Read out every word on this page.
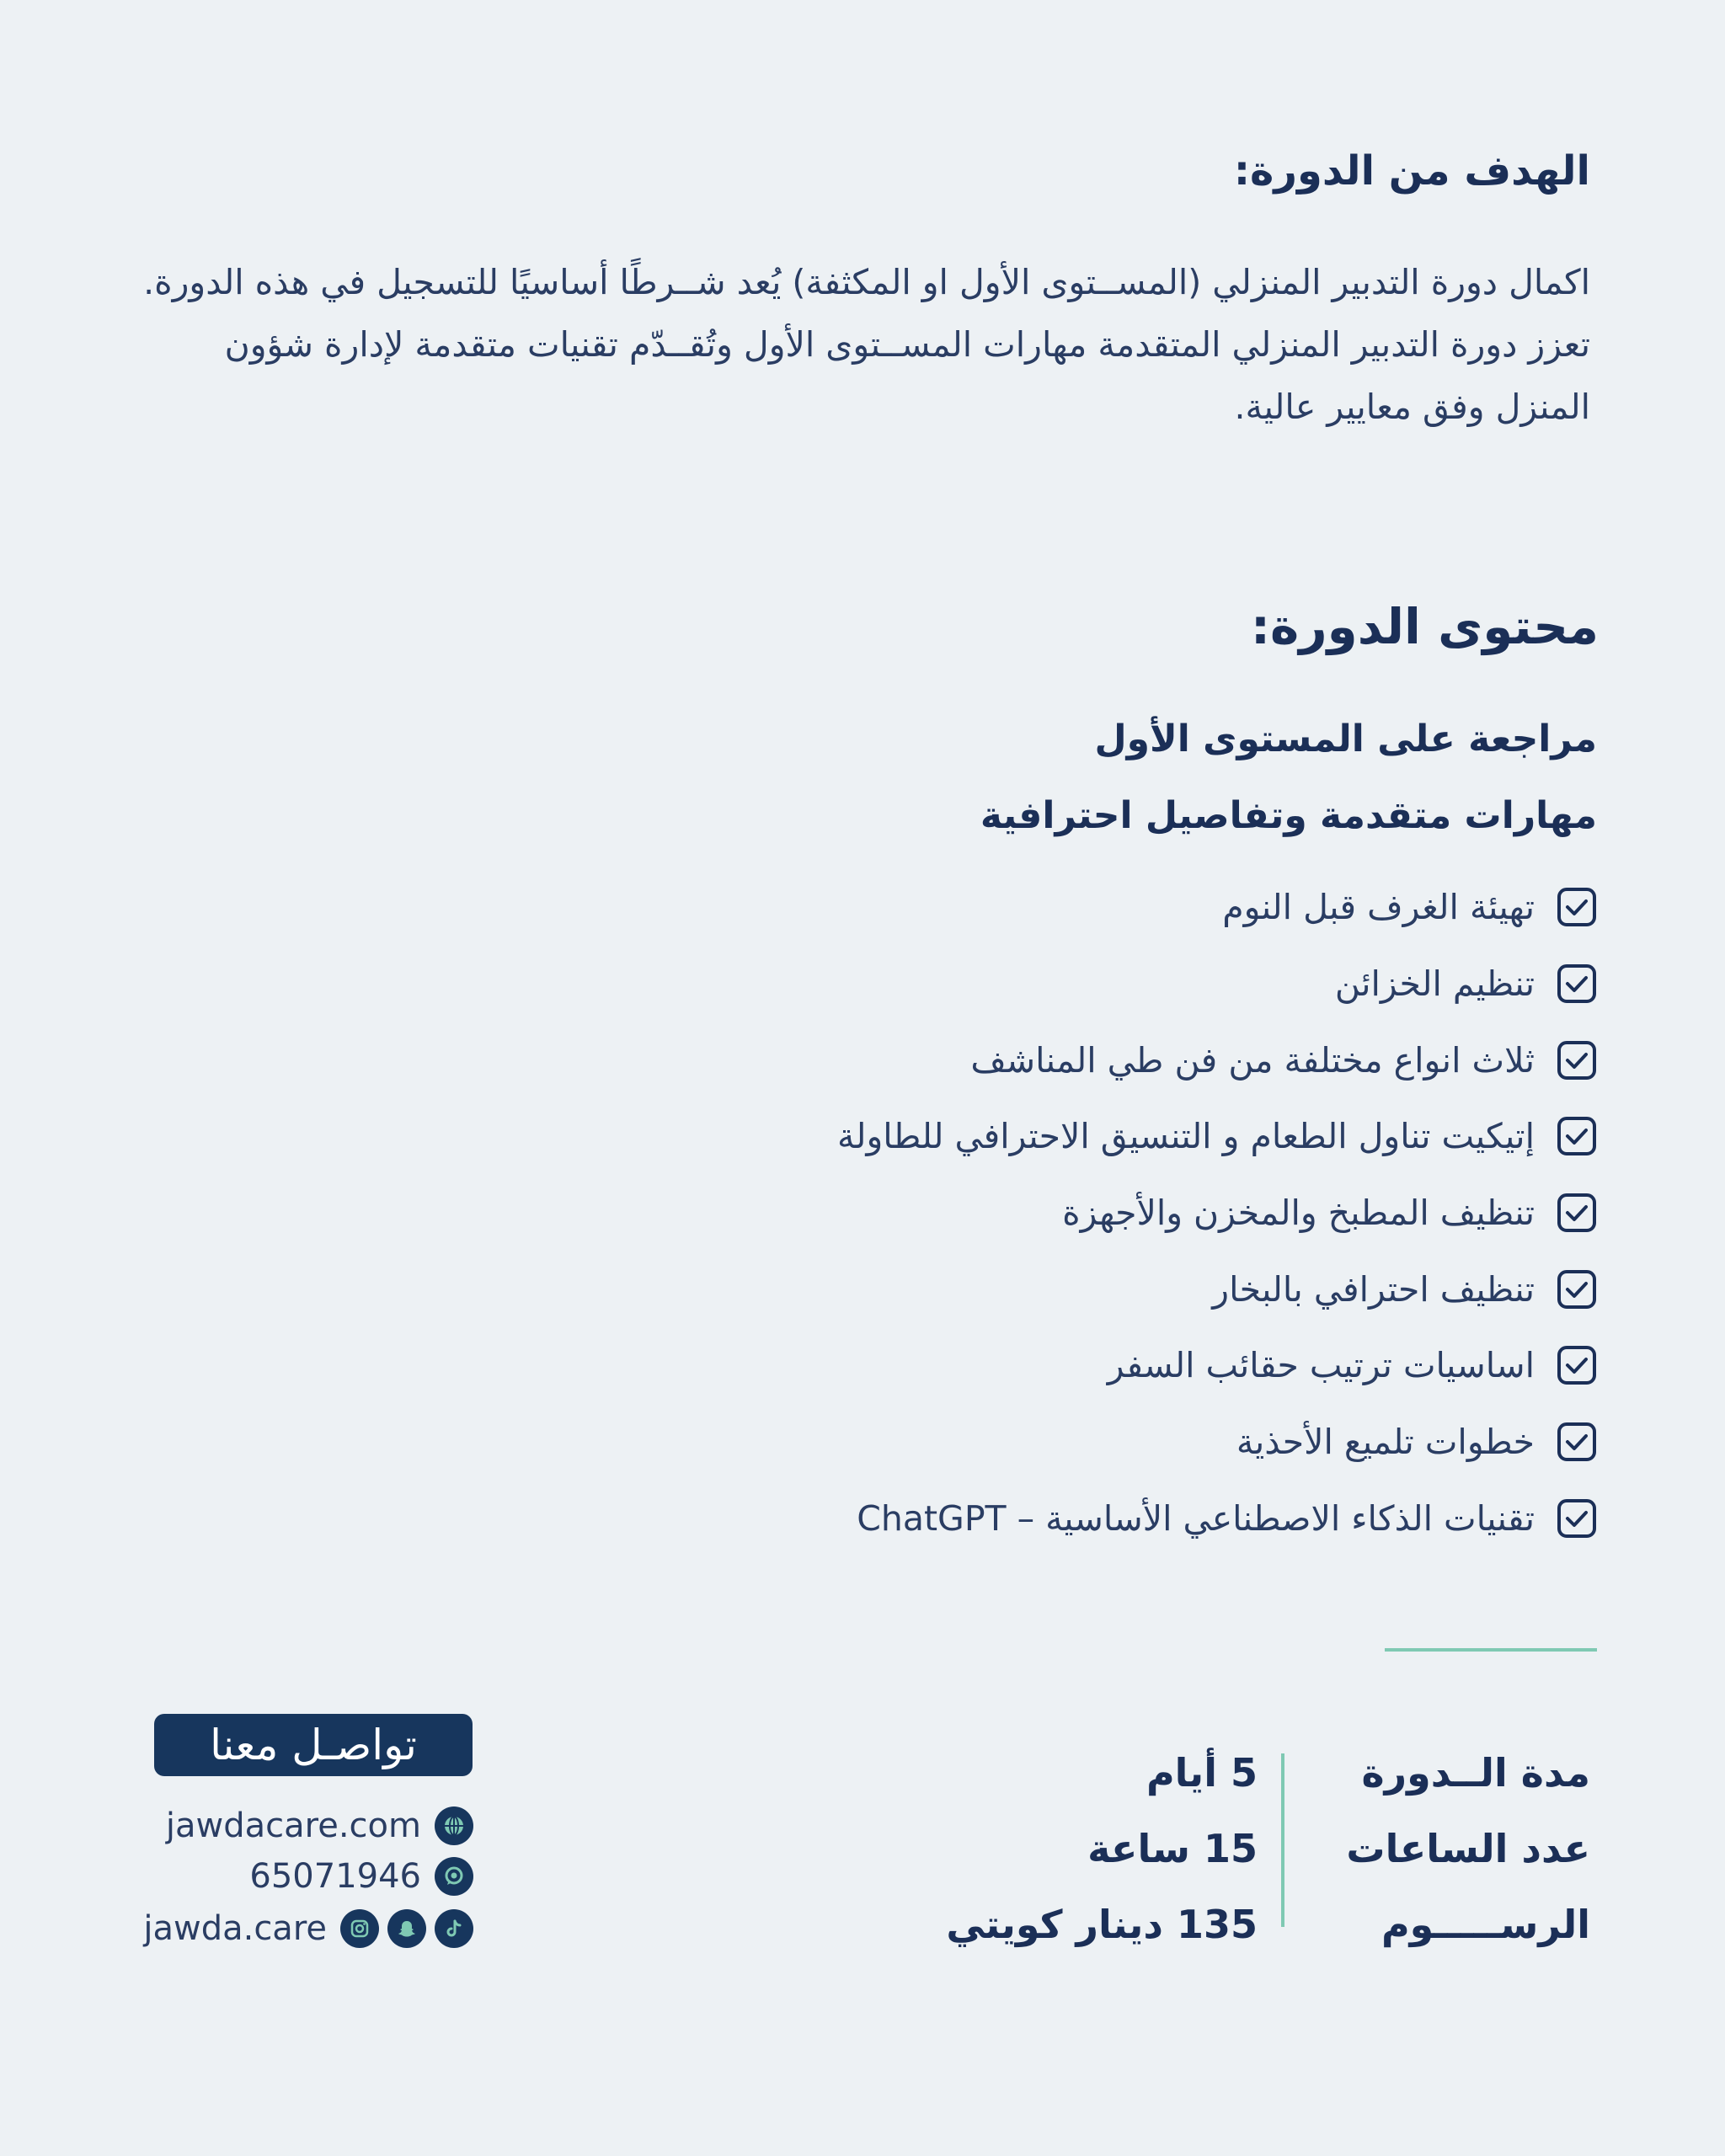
الهدف من الدورة:

اكمال دورة التدبير المنزلي (المســتوى الأول او المكثفة) يُعد شــرطًا أساسيًا للتسجيل في هذه الدورة.

تعزز دورة التدبير المنزلي المتقدمة مهارات المســتوى الأول وتُقــدّم تقنيات متقدمة لإدارة شؤون المنزل وفق معايير عالية.

محتوى الدورة:
مراجعة على المستوى الأول
مهارات متقدمة وتفاصيل احترافية
تهيئة الغرف قبل النوم
تنظيم الخزائن
ثلاث انواع مختلفة من فن طي المناشف
إتيكيت تناول الطعام و التنسيق الاحترافي للطاولة
تنظيف المطبخ والمخزن والأجهزة
تنظيف احترافي بالبخار
اساسيات ترتيب حقائب السفر
خطوات تلميع الأحذية
تقنيات الذكاء الاصطناعي الأساسية – ChatGPT
مدة الــدورة
عدد الساعات
الرســـــوم
5 أيام
15 ساعة
135 دينار كويتي
تواصـل معنا
jawdacare.com
65071946
jawda.care
